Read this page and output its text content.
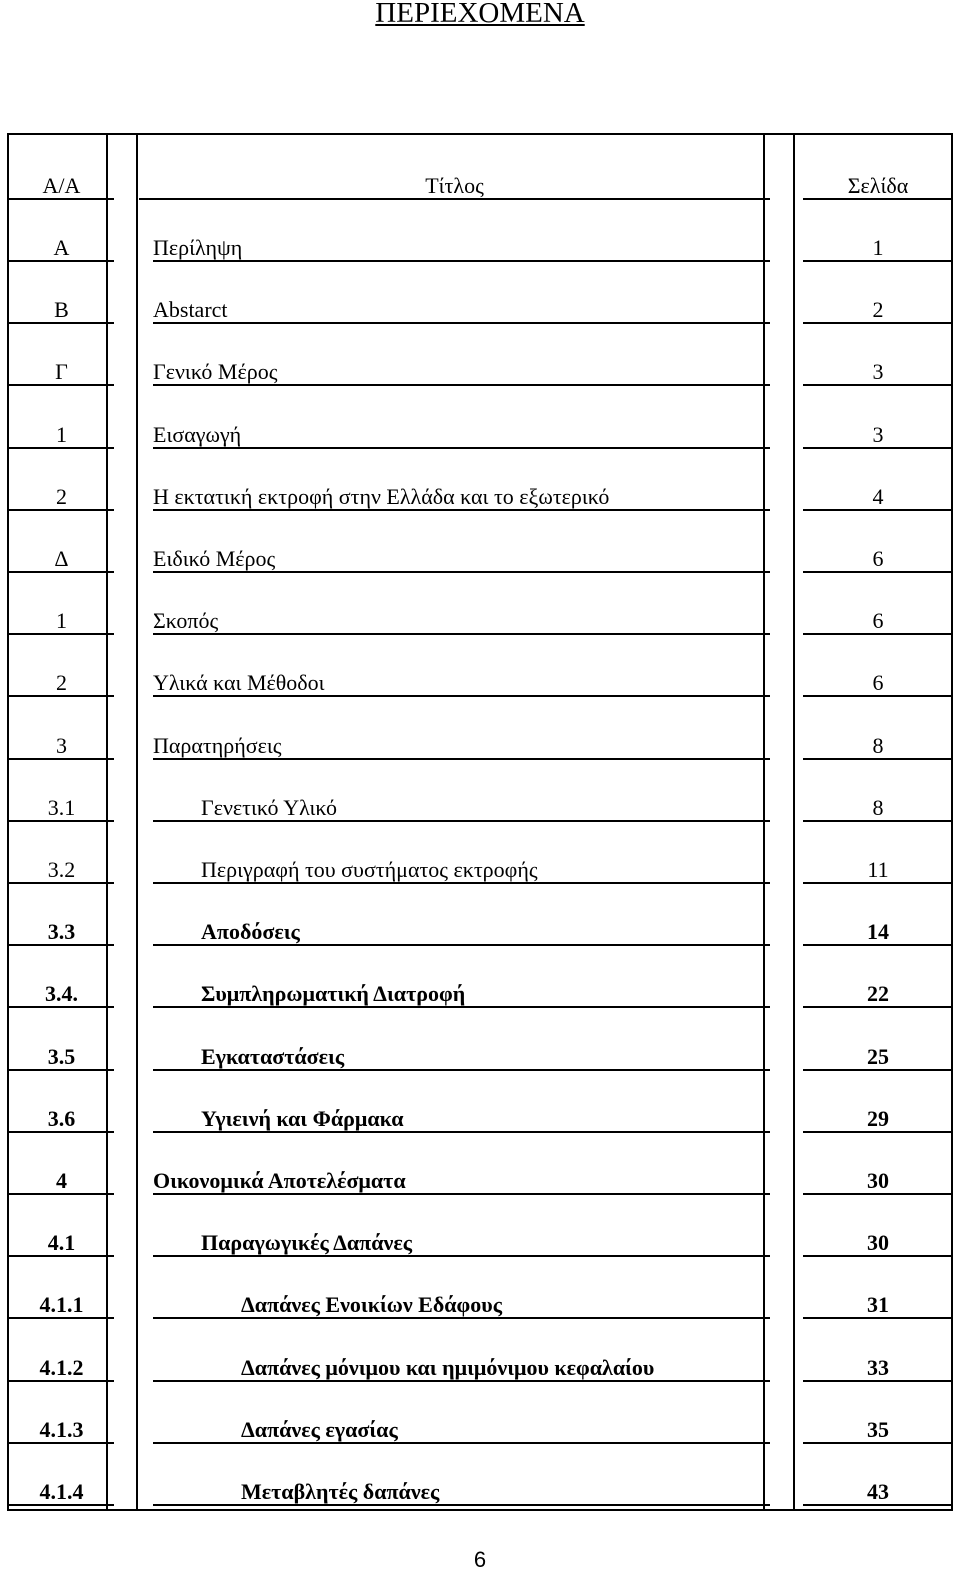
ΠΕΡΙΕΧΟΜΕΝΑ
Α/Α	Τίτλος	Σελίδα
Α	Περίληψη	1
Β	Abstarct	2
Γ	Γενικό Μέρος	3
1	Εισαγωγή	3
2	Η εκτατική εκτροφή στην Ελλάδα και το εξωτερικό	4
Δ	Ειδικό Μέρος	6
1	Σκοπός	6
2	Υλικά και Μέθοδοι	6
3	Παρατηρήσεις	8
3.1	Γενετικό Υλικό	8
3.2	Περιγραφή του συστήματος εκτροφής	11
3.3	Αποδόσεις	14
3.4.	Συμπληρωματική Διατροφή	22
3.5	Εγκαταστάσεις	25
3.6	Υγιεινή και Φάρμακα	29
4	Οικονομικά Αποτελέσματα	30
4.1	Παραγωγικές Δαπάνες	30
4.1.1	Δαπάνες Ενοικίων Εδάφους	31
4.1.2	Δαπάνες μόνιμου και ημιμόνιμου κεφαλαίου	33
4.1.3	Δαπάνες εγασίας	35
4.1.4	Μεταβλητές δαπάνες	43
6
